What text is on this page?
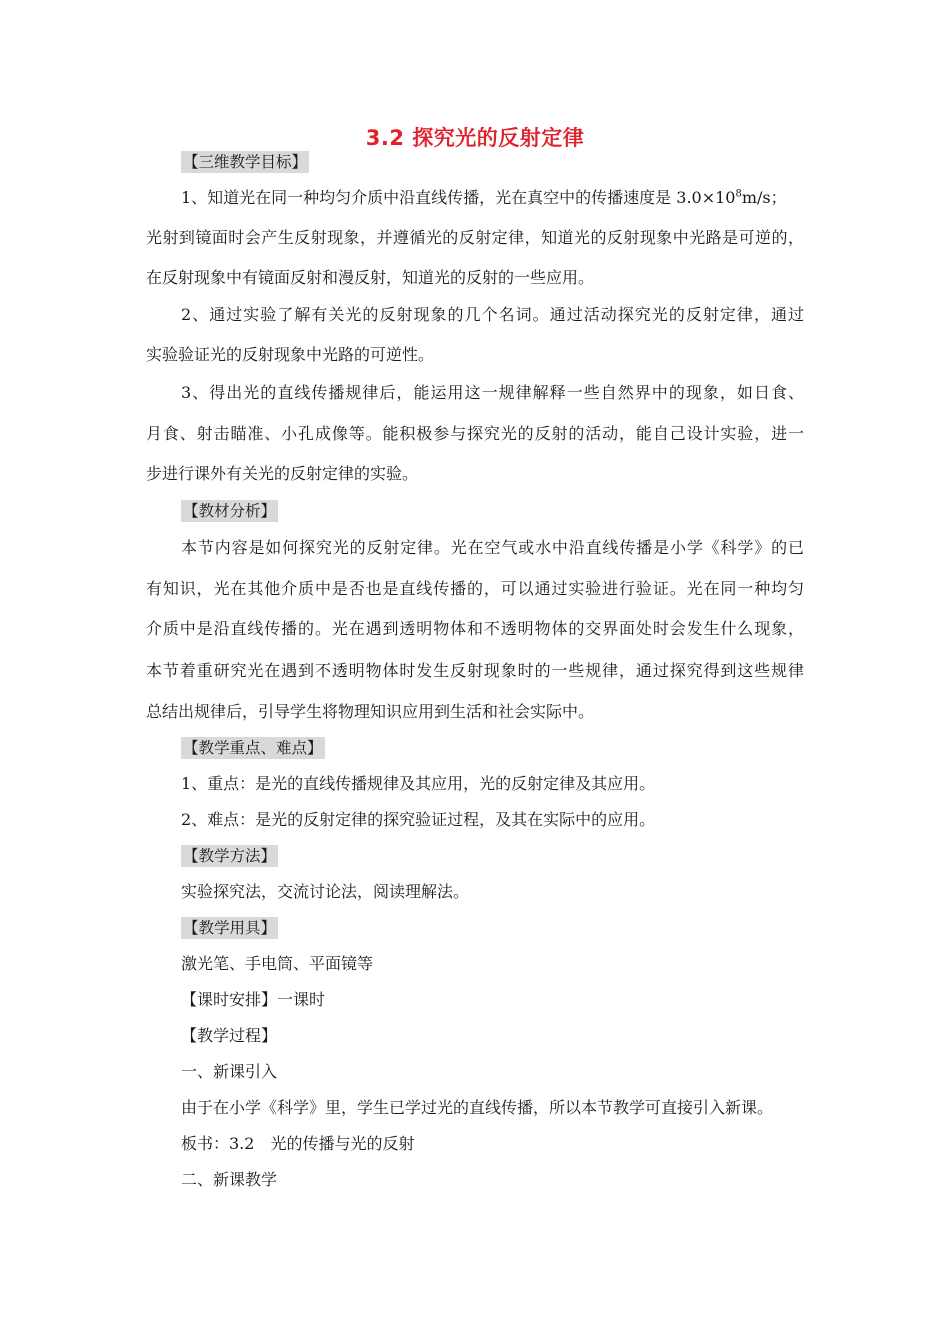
3.2 探究光的反射定律
【三维教学目标】
1、知道光在同一种均匀介质中沿直线传播，光在真空中的传播速度是 $3.0\times 10^8m/s$；
光射到镜面时会产生反射现象，并遵循光的反射定律，知道光的反射现象中光路是可逆的，
在反射现象中有镜面反射和漫反射，知道光的反射的一些应用。
2、通过实验了解有关光的反射现象的几个名词。通过活动探究光的反射定律，通过
实验验证光的反射现象中光路的可逆性。
3、得出光的直线传播规律后，能运用这一规律解释一些自然界中的现象，如日食、
月食、射击瞄准、小孔成像等。能积极参与探究光的反射的活动，能自己设计实验，进一
步进行课外有关光的反射定律的实验。
【教材分析】
本节内容是如何探究光的反射定律。光在空气或水中沿直线传播是小学《科学》的已
有知识，光在其他介质中是否也是直线传播的，可以通过实验进行验证。光在同一种均匀
介质中是沿直线传播的。光在遇到透明物体和不透明物体的交界面处时会发生什么现象，
本节着重研究光在遇到不透明物体时发生反射现象时的一些规律，通过探究得到这些规律
总结出规律后，引导学生将物理知识应用到生活和社会实际中。
【教学重点、难点】
1、重点：是光的直线传播规律及其应用，光的反射定律及其应用。
2、难点：是光的反射定律的探究验证过程，及其在实际中的应用。
【教学方法】
实验探究法，交流讨论法，阅读理解法。
【教学用具】
激光笔、手电筒、平面镜等
【课时安排】一课时
【教学过程】
一、新课引入
由于在小学《科学》里，学生已学过光的直线传播，所以本节教学可直接引入新课。
板书：3.2　光的传播与光的反射
二、新课教学
